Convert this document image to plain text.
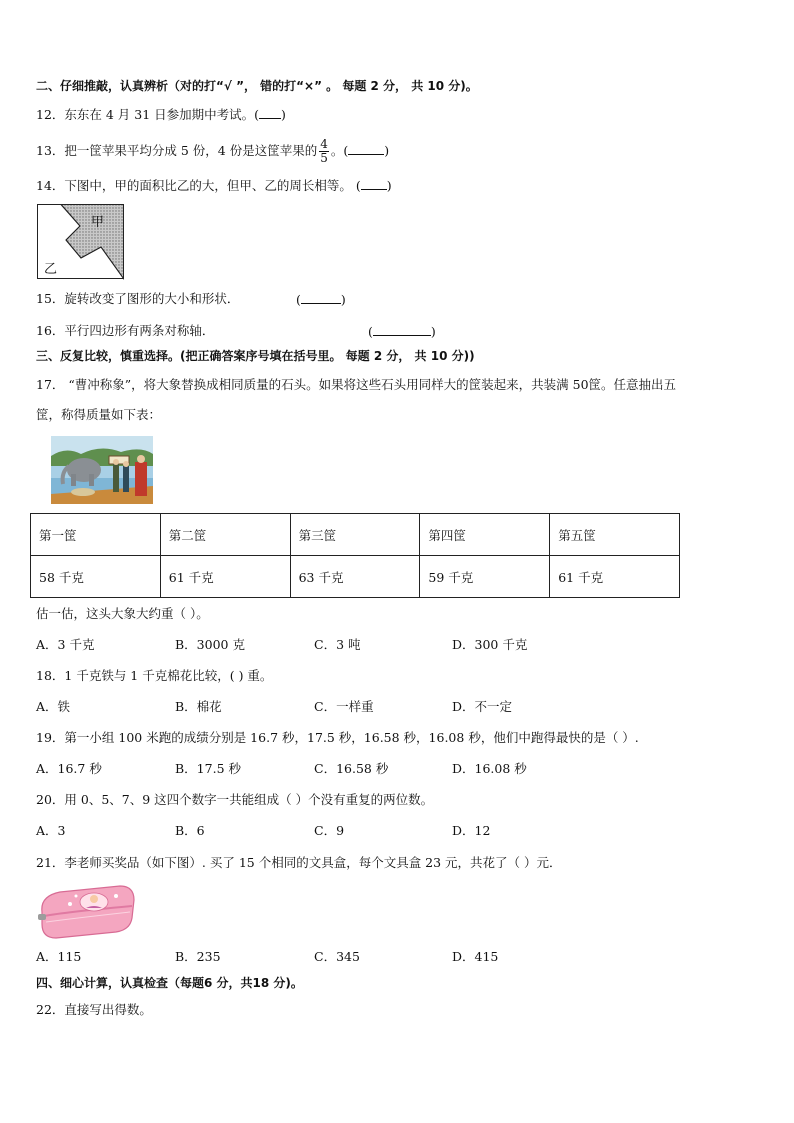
二、仔细推敲，认真辨析（对的打“√ ”， 错的打“×” 。 每题 2 分， 共 10 分)。
12．东东在 4 月 31 日参加期中考试。( )
13．把一筐苹果平均分成 5 份，4 份是这筐苹果的 $\frac{4}{5}$ 。(	)
14．下图中，甲的面积比乙的大，但甲、乙的周长相等。 ( )
甲
乙
15．旋转改变了图形的大小和形状．	(	)
16．平行四边形有两条对称轴．	(	)
三、反复比较，慎重选择。(把正确答案序号填在括号里。 每题 2 分， 共 10 分))
17． “曹冲称象”，将大象替换成相同质量的石头。如果将这些石头用同样大的筐装起来，共装满 50筐。任意抽出五
筐，称得质量如下表：
第一筐	第二筐	第三筐	第四筐	第五筐
58 千克	61 千克	63 千克	59 千克	61 千克
估一估，这头大象大约重（ ）。
A．3 千克	B．3000 克	C．3 吨	D．300 千克
18．1 千克铁与 1 千克棉花比较，( ) 重。
A．铁	B．棉花	C．一样重	D．不一定
19．第一小组 100 米跑的成绩分别是 16.7 秒，17.5 秒，16.58 秒，16.08 秒，他们中跑得最快的是（ ）.
A．16.7 秒	B．17.5 秒	C．16.58 秒	D．16.08 秒
20．用 0、5、7、9 这四个数字一共能组成（ ）个没有重复的两位数。
A．3	B．6	C．9	D．12
21．李老师买奖品（如下图）. 买了 15 个相同的文具盒，每个文具盒 23 元，共花了（ ）元．
A．115	B．235	C．345	D．415
四、细心计算，认真检查（每题6 分，共18 分)。
22．直接写出得数。
